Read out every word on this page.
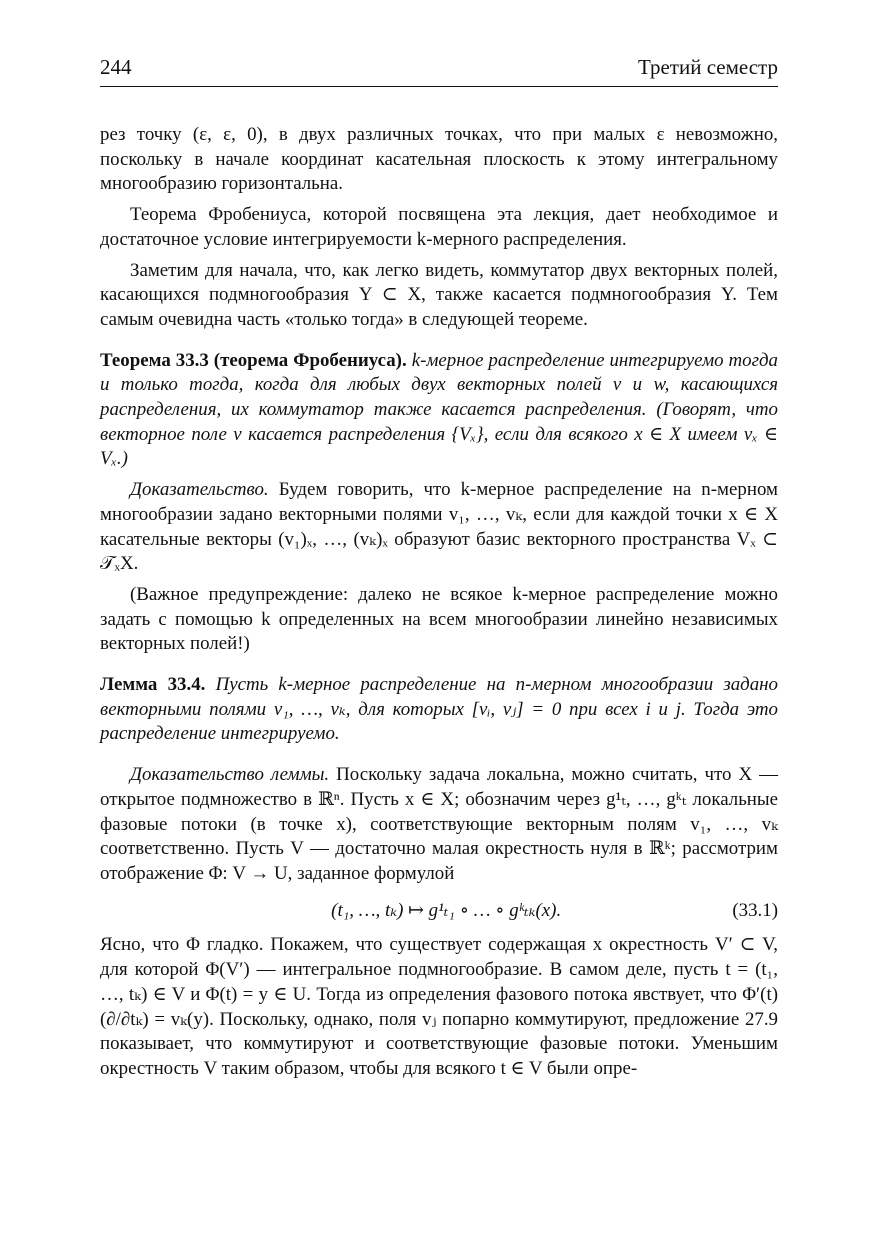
244	Третий семестр

рез точку (ε, ε, 0), в двух различных точках, что при малых ε невозможно, поскольку в начале координат касательная плоскость к этому интегральному многообразию горизонтальна.

Теорема Фробениуса, которой посвящена эта лекция, дает необходимое и достаточное условие интегрируемости k-мерного распределения.

Заметим для начала, что, как легко видеть, коммутатор двух векторных полей, касающихся подмногообразия Y ⊂ X, также касается подмногообразия Y. Тем самым очевидна часть «только тогда» в следующей теореме.

Теорема 33.3 (теорема Фробениуса). k-мерное распределение интегрируемо тогда и только тогда, когда для любых двух векторных полей v и w, касающихся распределения, их коммутатор также касается распределения. (Говорят, что векторное поле v касается распределения {Vₓ}, если для всякого x ∈ X имеем vₓ ∈ Vₓ.)

Доказательство. Будем говорить, что k-мерное распределение на n-мерном многообразии задано векторными полями v₁, …, vₖ, если для каждой точки x ∈ X касательные векторы (v₁)ₓ, …, (vₖ)ₓ образуют базис векторного пространства Vₓ ⊂ 𝒯ₓX.

(Важное предупреждение: далеко не всякое k-мерное распределение можно задать с помощью k определенных на всем многообразии линейно независимых векторных полей!)

Лемма 33.4. Пусть k-мерное распределение на n-мерном многообразии задано векторными полями v₁, …, vₖ, для которых [vᵢ, vⱼ] = 0 при всех i и j. Тогда это распределение интегрируемо.

Доказательство леммы. Поскольку задача локальна, можно считать, что X — открытое подмножество в ℝⁿ. Пусть x ∈ X; обозначим через g¹ₜ, …, gᵏₜ локальные фазовые потоки (в точке x), соответствующие векторным полям v₁, …, vₖ соответственно. Пусть V — достаточно малая окрестность нуля в ℝᵏ; рассмотрим отображение Φ: V → U, заданное формулой

(t₁, …, tₖ) ↦ g¹ₜ₁ ∘ … ∘ gᵏₜₖ(x).	(33.1)

Ясно, что Φ гладко. Покажем, что существует содержащая x окрестность V′ ⊂ V, для которой Φ(V′) — интегральное подмногообразие. В самом деле, пусть t = (t₁, …, tₖ) ∈ V и Φ(t) = y ∈ U. Тогда из определения фазового потока явствует, что Φ′(t)(∂/∂tₖ) = vₖ(y). Поскольку, однако, поля vⱼ попарно коммутируют, предложение 27.9 показывает, что коммутируют и соответствующие фазовые потоки. Уменьшим окрестность V таким образом, чтобы для всякого t ∈ V были опре-
